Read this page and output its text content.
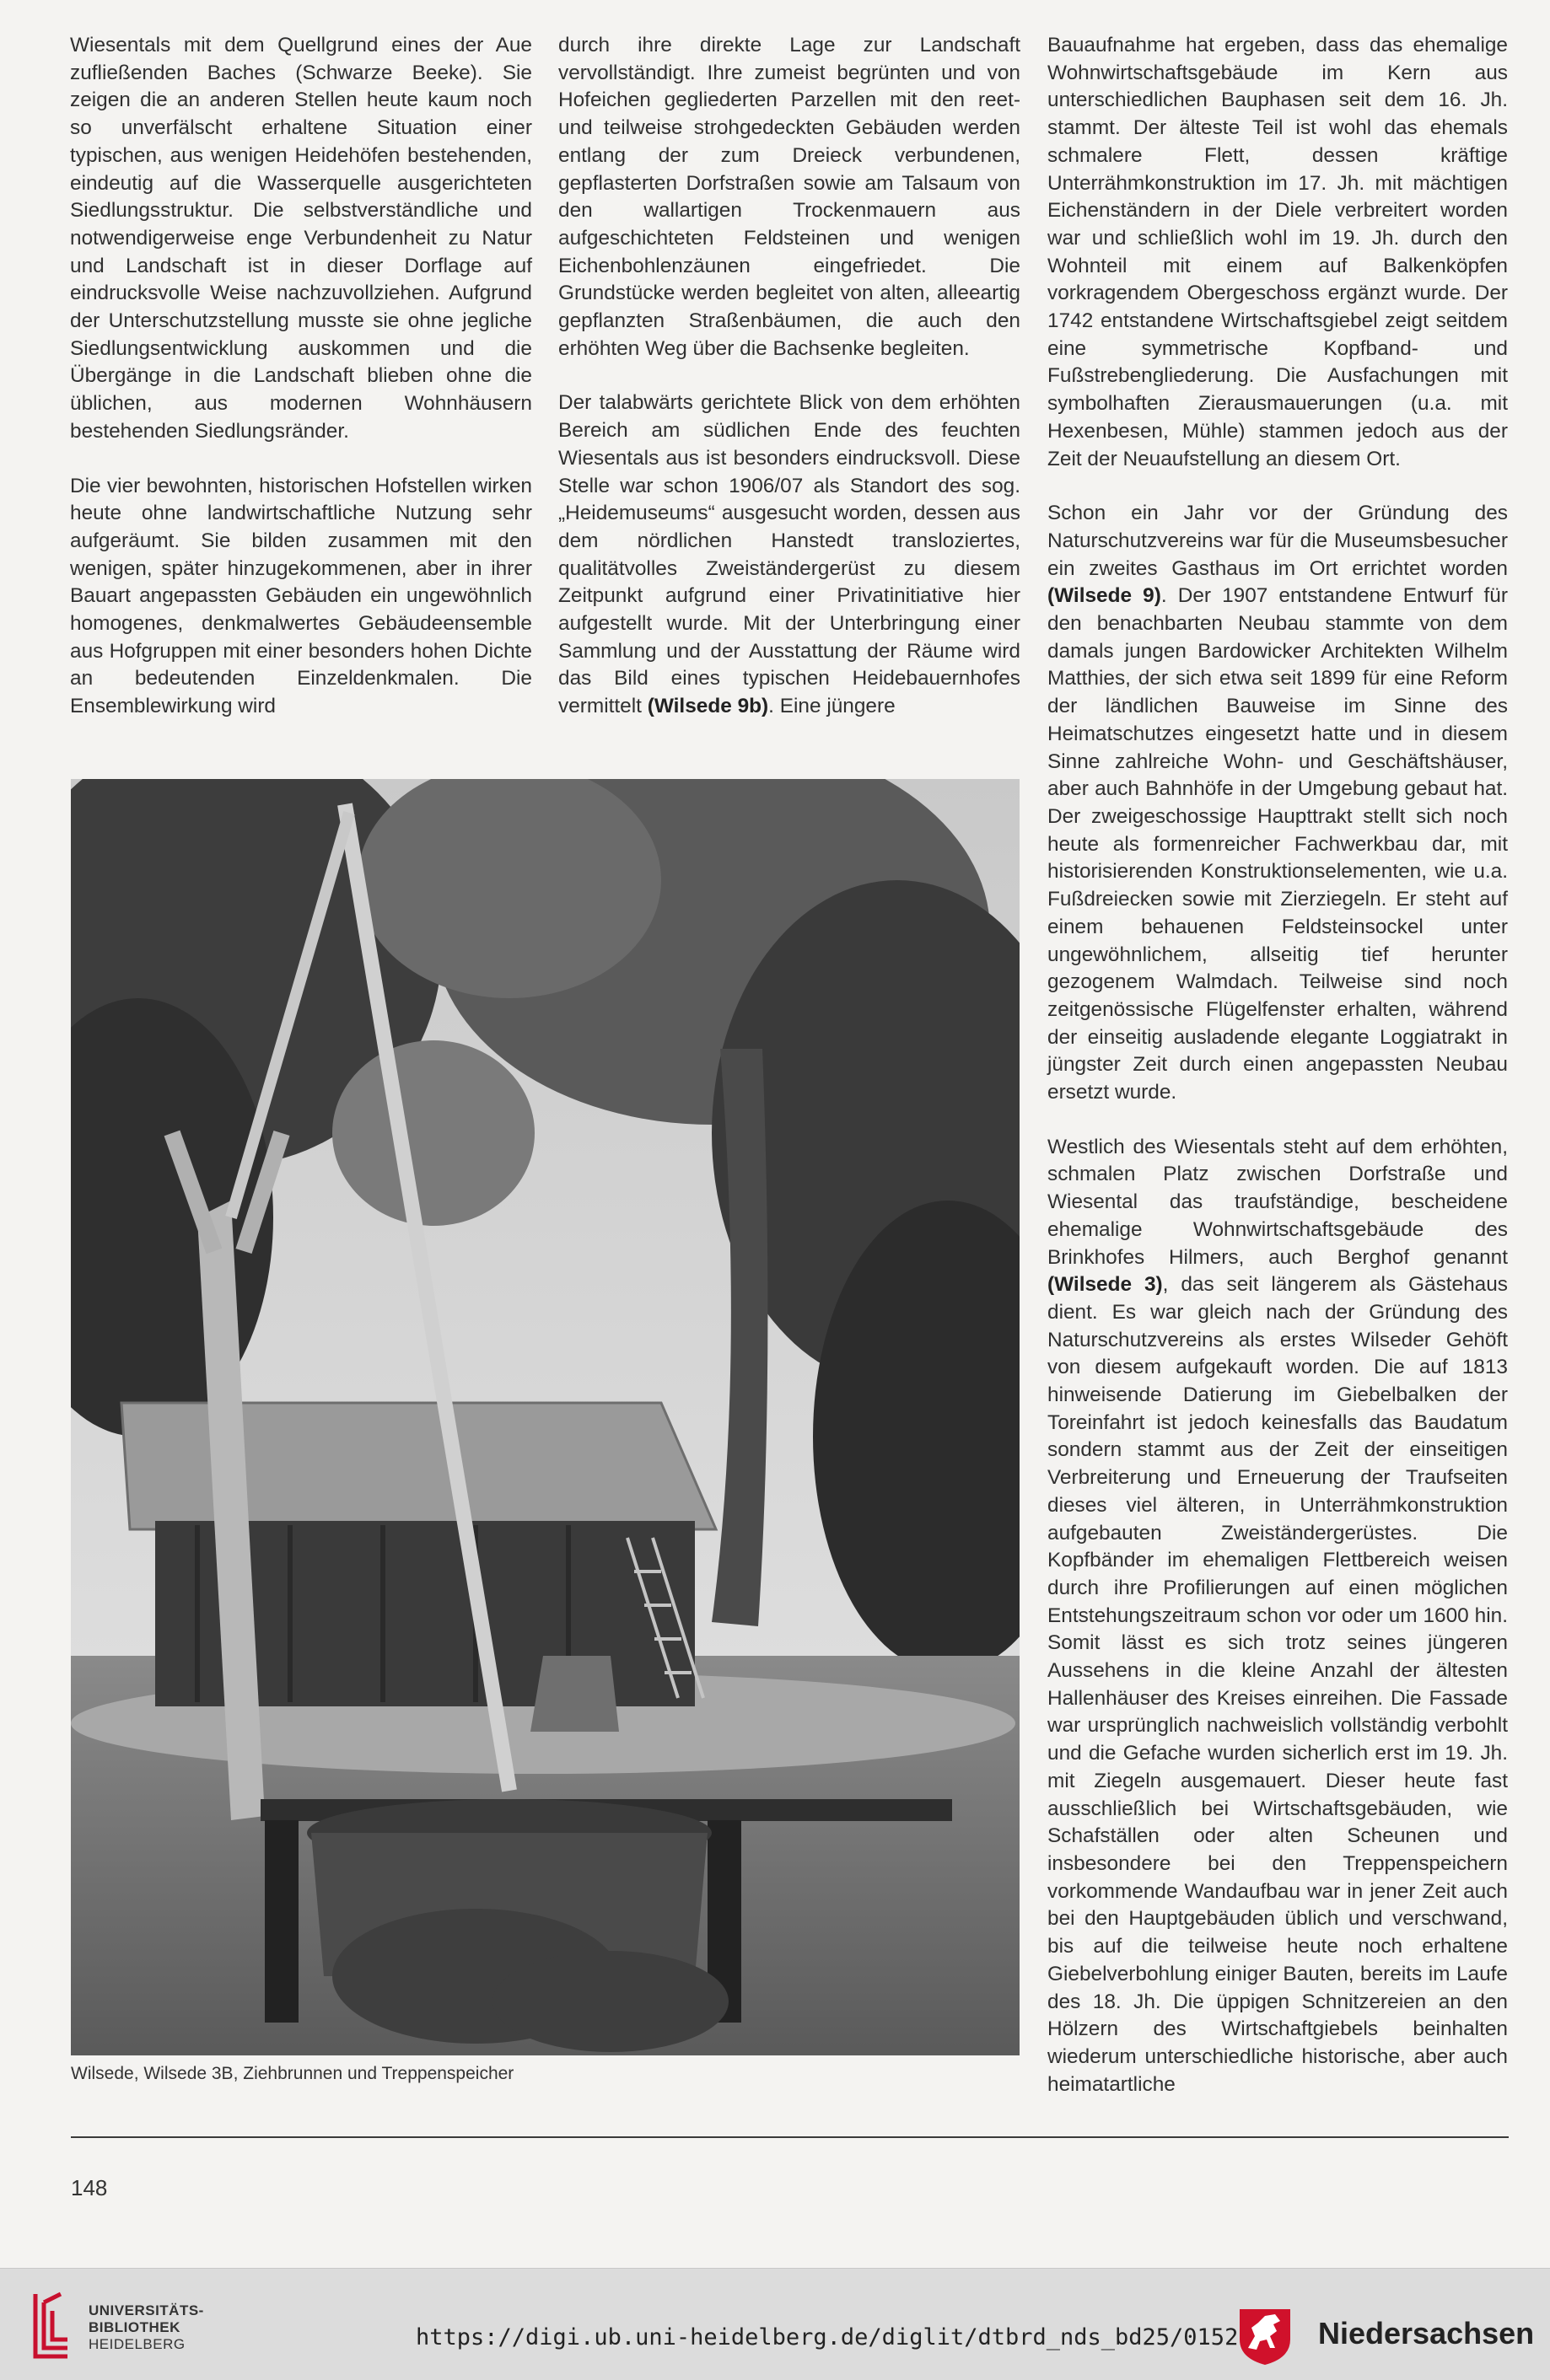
Wiesentals mit dem Quellgrund eines der Aue zufließenden Baches (Schwarze Beeke). Sie zeigen die an anderen Stellen heute kaum noch so unverfälscht erhaltene Situation einer typischen, aus wenigen Heidehöfen bestehenden, eindeutig auf die Wasserquelle ausgerichteten Siedlungsstruktur. Die selbstverständliche und notwendigerweise enge Verbundenheit zu Natur und Landschaft ist in dieser Dorflage auf eindrucksvolle Weise nachzuvollziehen. Aufgrund der Unterschutzstellung musste sie ohne jegliche Siedlungsentwicklung auskommen und die Übergänge in die Landschaft blieben ohne die üblichen, aus modernen Wohnhäusern bestehenden Siedlungsränder.

Die vier bewohnten, historischen Hofstellen wirken heute ohne landwirtschaftliche Nutzung sehr aufgeräumt. Sie bilden zusammen mit den wenigen, später hinzugekommenen, aber in ihrer Bauart angepassten Gebäuden ein ungewöhnlich homogenes, denkmalwertes Gebäudeensemble aus Hofgruppen mit einer besonders hohen Dichte an bedeutenden Einzeldenkmalen. Die Ensemblewirkung wird

durch ihre direkte Lage zur Landschaft vervollständigt. Ihre zumeist begrünten und von Hofeichen gegliederten Parzellen mit den reet- und teilweise strohgedeckten Gebäuden werden entlang der zum Dreieck verbundenen, gepflasterten Dorfstraßen sowie am Talsaum von den wallartigen Trockenmauern aus aufgeschichteten Feldsteinen und wenigen Eichenbohlenzäunen eingefriedet. Die Grundstücke werden begleitet von alten, alleeartig gepflanzten Straßenbäumen, die auch den erhöhten Weg über die Bachsenke begleiten.

Der talabwärts gerichtete Blick von dem erhöhten Bereich am südlichen Ende des feuchten Wiesentals aus ist besonders eindrucksvoll. Diese Stelle war schon 1906/07 als Standort des sog. „Heidemuseums“ ausgesucht worden, dessen aus dem nördlichen Hanstedt transloziertes, qualitätvolles Zweiständergerüst zu diesem Zeitpunkt aufgrund einer Privatinitiative hier aufgestellt wurde. Mit der Unterbringung einer Sammlung und der Ausstattung der Räume wird das Bild eines typischen Heidebauernhofes vermittelt (Wilsede 9b). Eine jüngere

Bauaufnahme hat ergeben, dass das ehemalige Wohnwirtschaftsgebäude im Kern aus unterschiedlichen Bauphasen seit dem 16. Jh. stammt. Der älteste Teil ist wohl das ehemals schmalere Flett, dessen kräftige Unterrähmkonstruktion im 17. Jh. mit mächtigen Eichenständern in der Diele verbreitert worden war und schließlich wohl im 19. Jh. durch den Wohnteil mit einem auf Balkenköpfen vorkragendem Obergeschoss ergänzt wurde. Der 1742 entstandene Wirtschaftsgiebel zeigt seitdem eine symmetrische Kopfband- und Fußstrebengliederung. Die Ausfachungen mit symbolhaften Zierausmauerungen (u.a. mit Hexenbesen, Mühle) stammen jedoch aus der Zeit der Neuaufstellung an diesem Ort.

Schon ein Jahr vor der Gründung des Naturschutzvereins war für die Museumsbesucher ein zweites Gasthaus im Ort errichtet worden (Wilsede 9). Der 1907 entstandene Entwurf für den benachbarten Neubau stammte von dem damals jungen Bardowicker Architekten Wilhelm Matthies, der sich etwa seit 1899 für eine Reform der ländlichen Bauweise im Sinne des Heimatschutzes eingesetzt hatte und in diesem Sinne zahlreiche Wohn- und Geschäftshäuser, aber auch Bahnhöfe in der Umgebung gebaut hat. Der zweigeschossige Haupttrakt stellt sich noch heute als formenreicher Fachwerkbau dar, mit historisierenden Konstruktionselementen, wie u.a. Fußdreiecken sowie mit Zierziegeln. Er steht auf einem behauenen Feldsteinsockel unter ungewöhnlichem, allseitig tief herunter gezogenem Walmdach. Teilweise sind noch zeitgenössische Flügelfenster erhalten, während der einseitig ausladende elegante Loggiatrakt in jüngster Zeit durch einen angepassten Neubau ersetzt wurde.

Westlich des Wiesentals steht auf dem erhöhten, schmalen Platz zwischen Dorfstraße und Wiesental das traufständige, bescheidene ehemalige Wohnwirtschaftsgebäude des Brinkhofes Hilmers, auch Berghof genannt (Wilsede 3), das seit längerem als Gästehaus dient. Es war gleich nach der Gründung des Naturschutzvereins als erstes Wilseder Gehöft von diesem aufgekauft worden. Die auf 1813 hinweisende Datierung im Giebelbalken der Toreinfahrt ist jedoch keinesfalls das Baudatum sondern stammt aus der Zeit der einseitigen Verbreiterung und Erneuerung der Traufseiten dieses viel älteren, in Unterrähmkonstruktion aufgebauten Zweiständergerüstes. Die Kopfbänder im ehemaligen Flettbereich weisen durch ihre Profilierungen auf einen möglichen Entstehungszeitraum schon vor oder um 1600 hin. Somit lässt es sich trotz seines jüngeren Aussehens in die kleine Anzahl der ältesten Hallenhäuser des Kreises einreihen. Die Fassade war ursprünglich nachweislich vollständig verbohlt und die Gefache wurden sicherlich erst im 19. Jh. mit Ziegeln ausgemauert. Dieser heute fast ausschließlich bei Wirtschaftsgebäuden, wie Schafställen oder alten Scheunen und insbesondere bei den Treppenspeichern vorkommende Wandaufbau war in jener Zeit auch bei den Hauptgebäuden üblich und verschwand, bis auf die teilweise heute noch erhaltene Giebelverbohlung einiger Bauten, bereits im Laufe des 18. Jh. Die üppigen Schnitzereien an den Hölzern des Wirtschaftgiebels beinhalten wiederum unterschiedliche historische, aber auch heimatartliche

Wilsede, Wilsede 3B, Ziehbrunnen und Treppenspeicher
148
UNIVERSITÄTS-
BIBLIOTHEK
HEIDELBERG	https://digi.ub.uni-heidelberg.de/diglit/dtbrd_nds_bd25/0152	Niedersachsen
